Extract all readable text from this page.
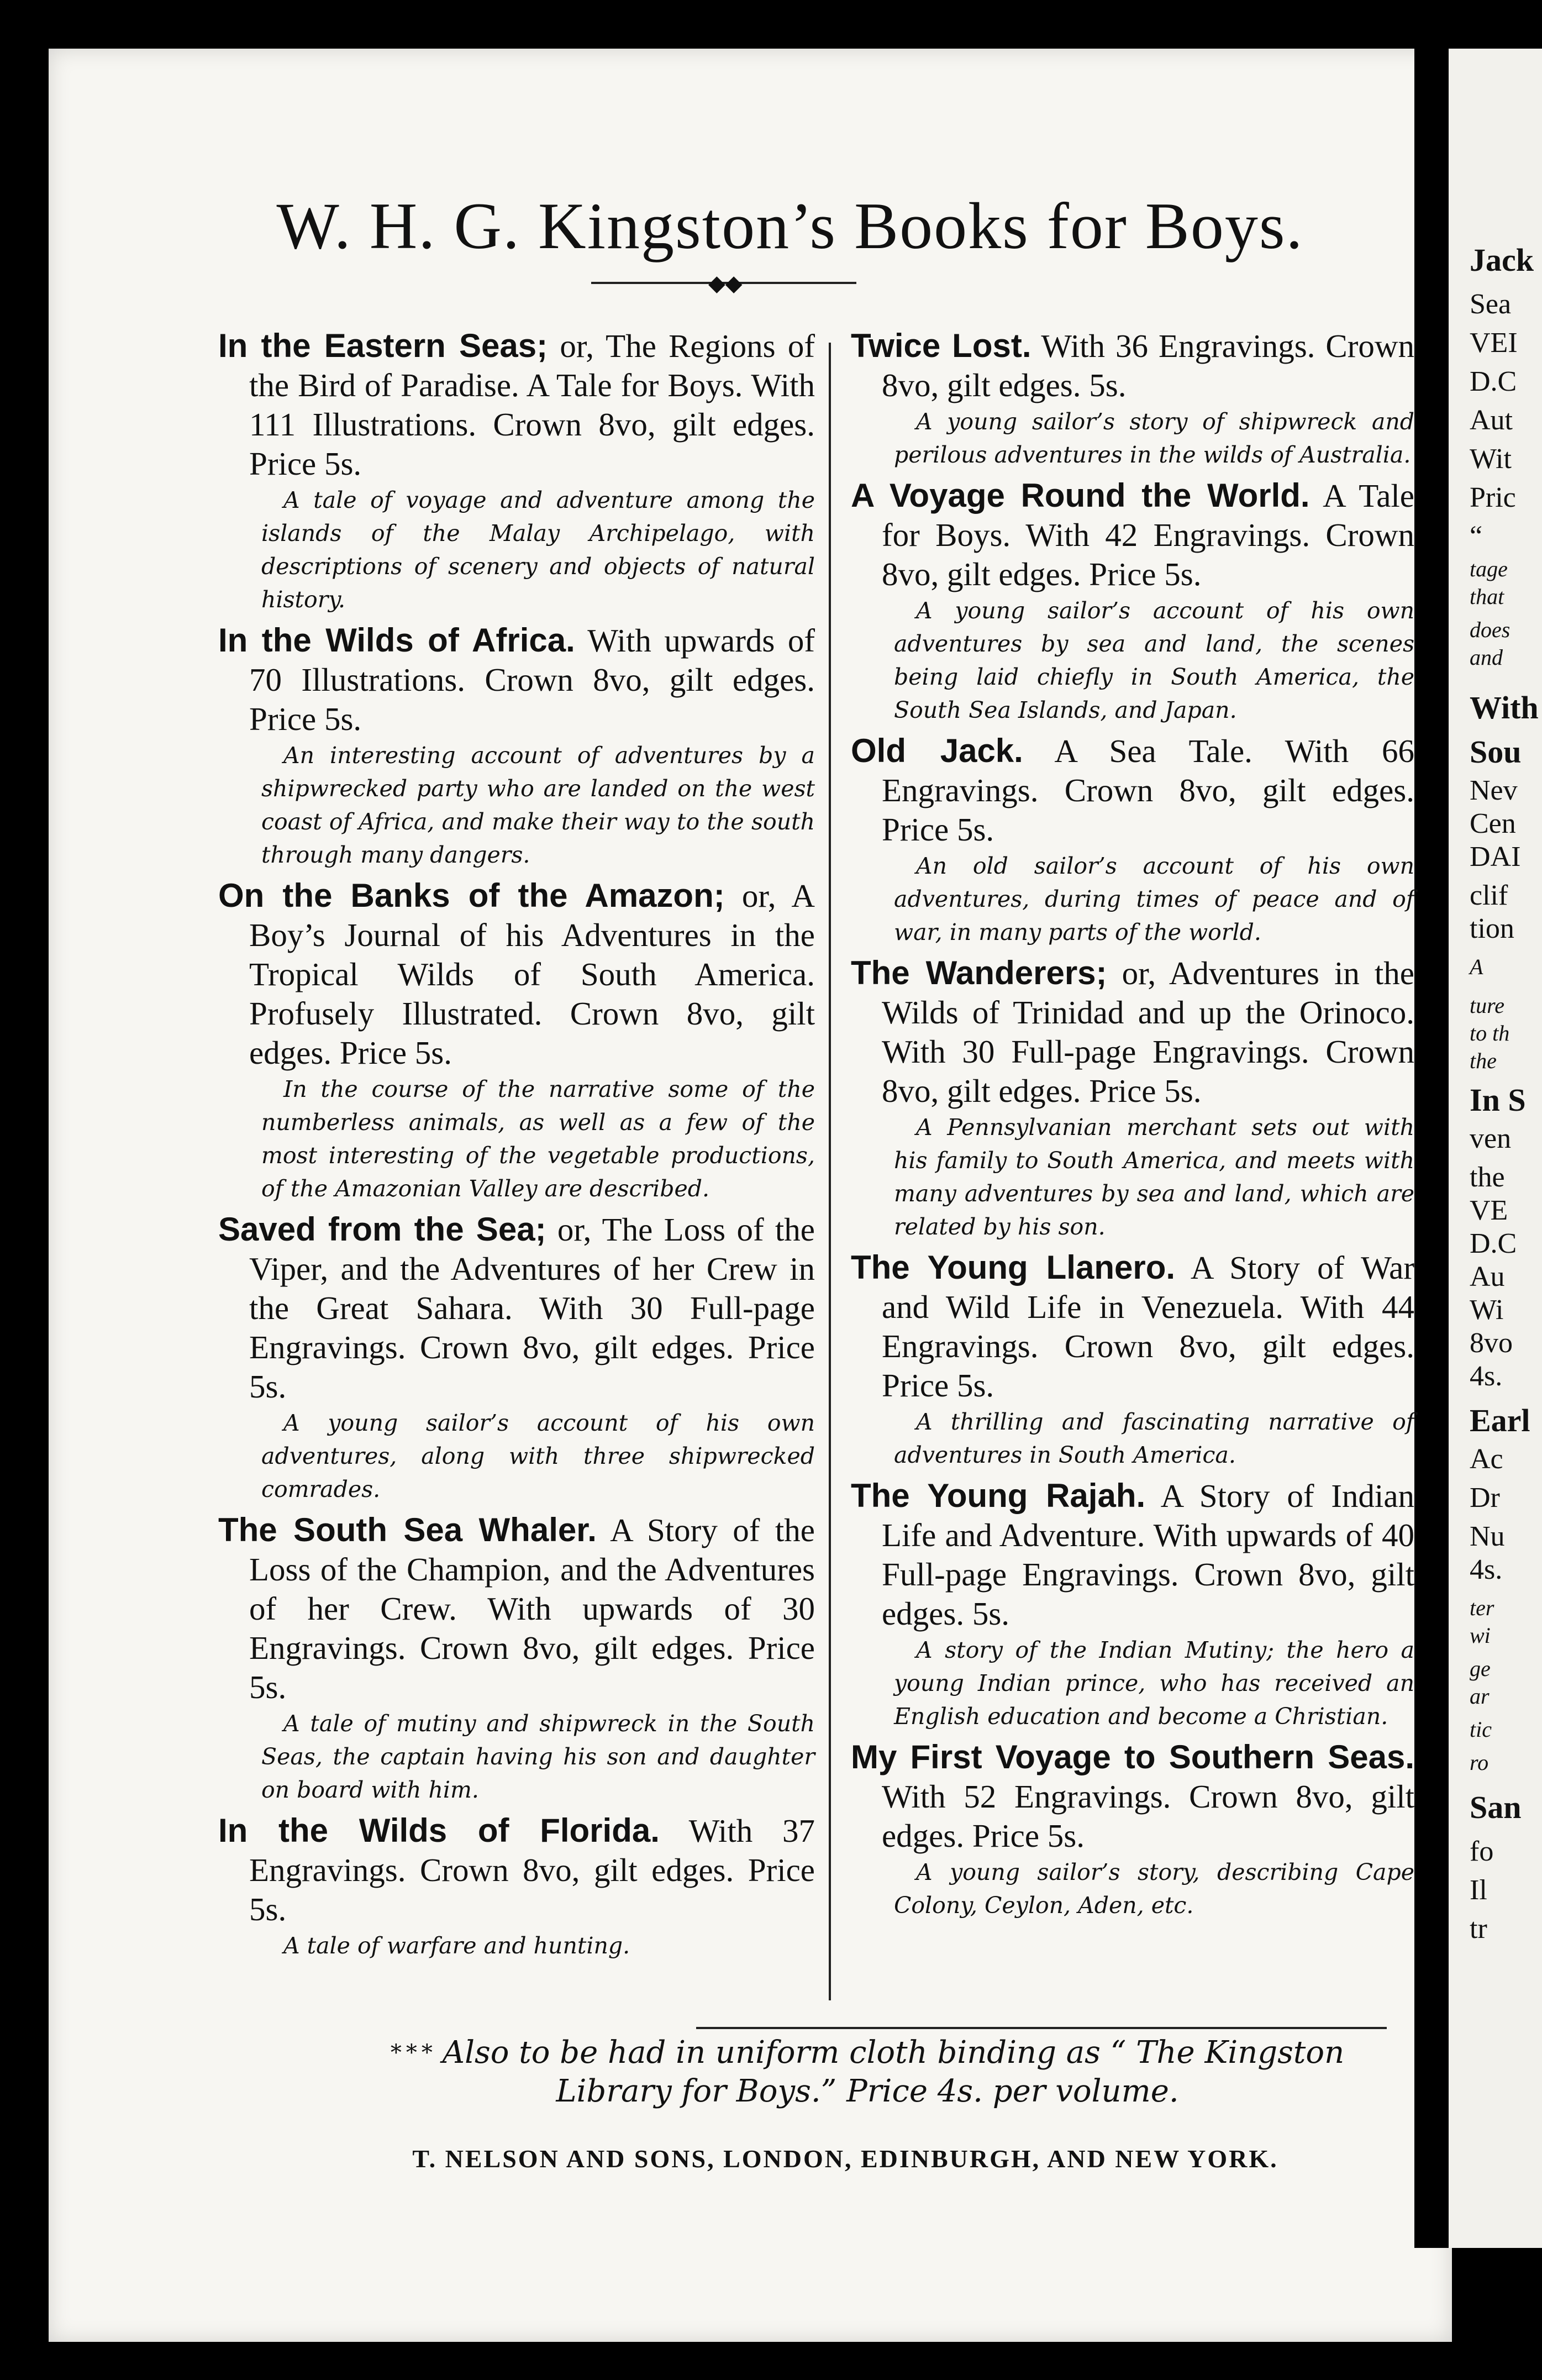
Jack
Sea
VEI
D.C
Aut
Wit
Pric
“
tage
that
does
and
With
Sou
Nev
Cen
DAI
clif
tion
A
ture
to th
the
In S
ven
the
VE
D.C
Au
Wi
8vo
4s.
Earl
Ac
Dr
Nu
4s.
ter
wi
ge
ar
tic
ro
San
fo
Il
tr
W. H. G. Kingston’s Books for Boys.
◆◆
In the Eastern Seas; or, The Regions of the Bird of Paradise. A Tale for Boys. With 111 Illustrations. Crown 8vo, gilt edges. Price 5s.
A tale of voyage and adventure among the islands of the Malay Archipelago, with descriptions of scenery and objects of natural history.
In the Wilds of Africa. With upwards of 70 Illustrations. Crown 8vo, gilt edges. Price 5s.
An interesting account of adventures by a shipwrecked party who are landed on the west coast of Africa, and make their way to the south through many dangers.
On the Banks of the Amazon; or, A Boy’s Journal of his Adventures in the Tropical Wilds of South America. Profusely Illustrated. Crown 8vo, gilt edges. Price 5s.
In the course of the narrative some of the numberless animals, as well as a few of the most interesting of the vegetable productions, of the Amazonian Valley are described.
Saved from the Sea; or, The Loss of the Viper, and the Adventures of her Crew in the Great Sahara. With 30 Full-page Engravings. Crown 8vo, gilt edges. Price 5s.
A young sailor’s account of his own adventures, along with three shipwrecked comrades.
The South Sea Whaler. A Story of the Loss of the Champion, and the Adventures of her Crew. With upwards of 30 Engravings. Crown 8vo, gilt edges. Price 5s.
A tale of mutiny and shipwreck in the South Seas, the captain having his son and daughter on board with him.
In the Wilds of Florida. With 37 Engravings. Crown 8vo, gilt edges. Price 5s.
A tale of warfare and hunting.
Twice Lost. With 36 Engravings. Crown 8vo, gilt edges. 5s.
A young sailor’s story of shipwreck and perilous adventures in the wilds of Australia.
A Voyage Round the World. A Tale for Boys. With 42 Engravings. Crown 8vo, gilt edges. Price 5s.
A young sailor’s account of his own adventures by sea and land, the scenes being laid chiefly in South America, the South Sea Islands, and Japan.
Old Jack. A Sea Tale. With 66 Engravings. Crown 8vo, gilt edges. Price 5s.
An old sailor’s account of his own adventures, during times of peace and of war, in many parts of the world.
The Wanderers; or, Adventures in the Wilds of Trinidad and up the Orinoco. With 30 Full-page Engravings. Crown 8vo, gilt edges. Price 5s.
A Pennsylvanian merchant sets out with his family to South America, and meets with many adventures by sea and land, which are related by his son.
The Young Llanero. A Story of War and Wild Life in Venezuela. With 44 Engravings. Crown 8vo, gilt edges. Price 5s.
A thrilling and fascinating narrative of adventures in South America.
The Young Rajah. A Story of Indian Life and Adventure. With upwards of 40 Full-page Engravings. Crown 8vo, gilt edges. 5s.
A story of the Indian Mutiny; the hero a young Indian prince, who has received an English education and become a Christian.
My First Voyage to Southern Seas. With 52 Engravings. Crown 8vo, gilt edges. Price 5s.
A young sailor’s story, describing Cape Colony, Ceylon, Aden, etc.
* * * Also to be had in uniform cloth binding as “ The Kingston
Library for Boys.” Price 4s. per volume.
T. NELSON AND SONS, LONDON, EDINBURGH, AND NEW YORK.
